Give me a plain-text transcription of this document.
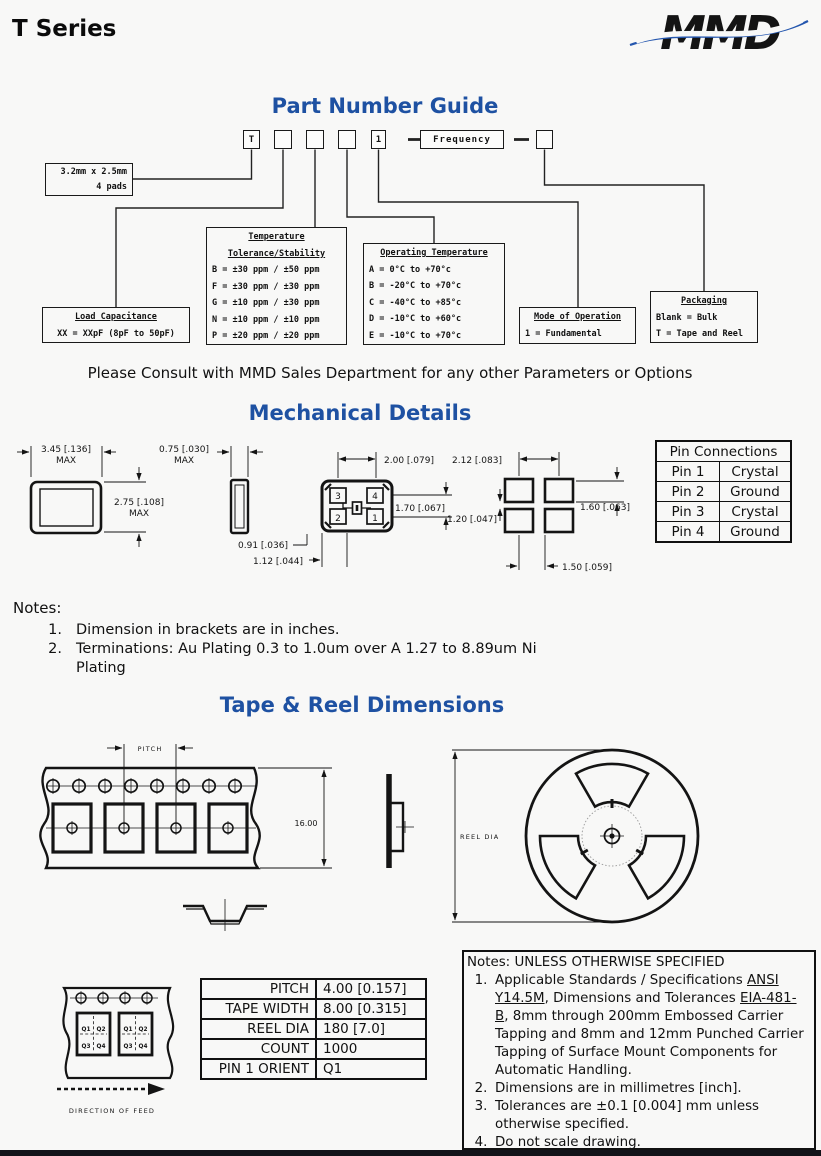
3.45 [.136]
MAX
2.75 [.108]
MAX
0.75 [.030]
MAX
3	4
2	1
2.00 [.079]
1.70 [.067]
0.91 [.036]
1.12 [.044]
2.12 [.083]
1.20 [.047]
1.60 [.063]
1.50 [.059]
PITCH
16.00
REEL DIA
Q1 Q2
Q3 Q4
Q1 Q2
Q3 Q4
DIRECTION OF FEED
T Series	MMD
Part Number Guide
T	1	Frequency
3.2mm x 2.5mm
4 pads
Load Capacitance
XX = XXpF (8pF to 50pF)
Temperature
Tolerance/Stability
B = ±30 ppm / ±50 ppm
F = ±30 ppm / ±30 ppm
G = ±10 ppm / ±30 ppm
N = ±10 ppm / ±10 ppm
P = ±20 ppm / ±20 ppm
Operating Temperature
A = 0°C to +70°c
B = -20°C to +70°c
C = -40°C to +85°c
D = -10°C to +60°c
E = -10°C to +70°c
Mode of Operation
1 = Fundamental
Packaging
Blank = Bulk
T = Tape and Reel
Please Consult with MMD Sales Department for any other Parameters or Options
Mechanical Details
Pin Connections	
Pin 1	Crystal
Pin 2	Ground
Pin 3	Crystal
Pin 4	Ground
Notes:
1. Dimension in brackets are in inches.
2. Terminations: Au Plating 0.3 to 1.0um over A 1.27 to 8.89um Ni Plating
Tape & Reel Dimensions
PITCH	4.00 [0.157]
TAPE WIDTH	8.00 [0.315]
REEL DIA	180 [7.0]
COUNT	1000
PIN 1 ORIENT	Q1
Notes: UNLESS OTHERWISE SPECIFIED
1. Applicable Standards / Specifications ANSI Y14.5M, Dimensions and Tolerances EIA-481-B, 8mm through 200mm Embossed Carrier Tapping and 8mm and 12mm Punched Carrier Tapping of Surface Mount Components for Automatic Handling.
2. Dimensions are in millimetres [inch].
3. Tolerances are ±0.1 [0.004] mm unless otherwise specified.
4. Do not scale drawing.
